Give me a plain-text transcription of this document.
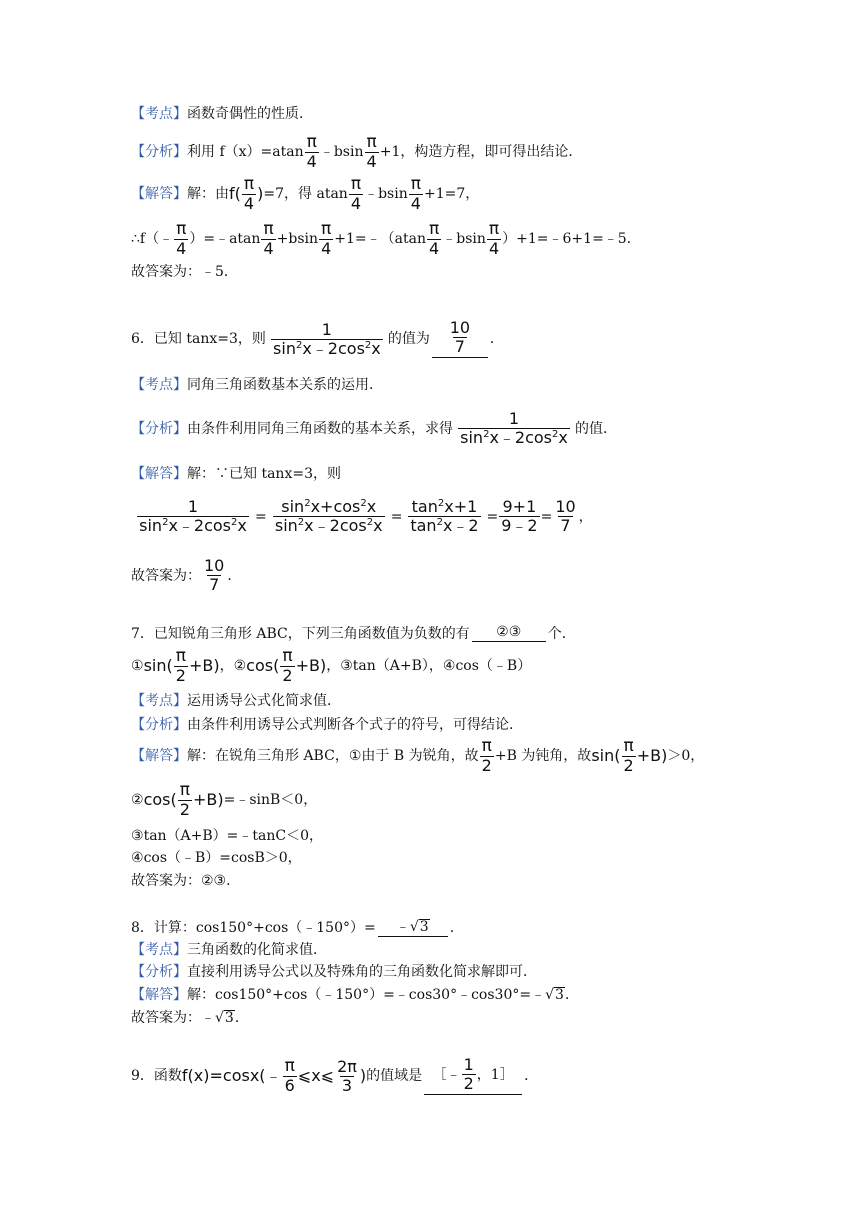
【考点】 函数奇偶性的性质．
【分析】 利用 $f(x)=atan \frac{\pi}{4}$ ﹣bsin $\frac{\pi}{4} +1$，构造方程，即可得出结论．
【解答】 解：由 f ( $\frac{\pi}{4}$ ) =7，得 atan $\frac{\pi}{4}$ ﹣bsin $\frac{\pi}{4} +1=7$，
∴f（﹣ $\frac{\pi}{4}$ ）=﹣atan $\frac{\pi}{4} +bsin \frac{\pi}{4}$ +1=﹣（atan $\frac{\pi}{4}$ ﹣bsin $\frac{\pi}{4}$ ）+1=﹣6+1=﹣5．
故答案为：﹣5．
6．已知 tanx=3，则 $\frac{1}{\sin^2x﹣2\cos^2x}$ 的值为 $\frac{10}{7}$ ．
【考点】 同角三角函数基本关系的运用．
【分析】 由条件利用同角三角函数的基本关系，求得 $\frac{1}{\sin^2x﹣2\cos^2x}$ 的值．
【解答】 解：∵已知 tanx=3，则
$\frac{1}{\sin^2x﹣2\cos^2x} = \frac{\sin^2x+\cos^2x}{\sin^2x﹣2\cos^2x} = \frac{\tan^2x+1}{\tan^2x﹣2} = \frac{9+1}{9﹣2} = \frac{10}{7}$ ，
故答案为： $\frac{10}{7}$ ．
7．已知锐角三角形 ABC，下列三角函数值为负数的有 ②③ 个．
① $\sin( \frac{\pi}{2} +B)$ ， ② $\cos( \frac{\pi}{2} +B)$ ， ③ tan（A+B）， ④ cos（﹣B）
【考点】 运用诱导公式化简求值．
【分析】 由条件利用诱导公式判断各个式子的符号，可得结论．
【解答】 解：在锐角三角形 ABC， ① 由于 B 为锐角，故 $\frac{\pi}{2} +B$ 为钝角，故 $\sin( \frac{\pi}{2} +B) >0$，
② $\cos( \frac{\pi}{2} +B)$ =﹣sinB＜0，
③ tan（A+B）=﹣tanC＜0，
④ cos（﹣B）=cosB＞0，
故答案为： ②③ ．
8．计算：cos150°+cos（﹣150°）= ﹣ √ 3 ．
【考点】 三角函数的化简求值．
【分析】 直接利用诱导公式以及特殊角的三角函数化简求解即可．
【解答】 解：cos150°+cos（﹣150°）=﹣cos30°﹣cos30°= ﹣ √ 3 ．
故答案为：﹣ √ 3 ．
9．函数 f(x)=cosx(﹣ $\frac{\pi}{6}$ ⩽x⩽ $\frac{2\pi}{3}$ ) 的值域是 ［﹣ $\frac{1}{2}$ ，1］ ．
